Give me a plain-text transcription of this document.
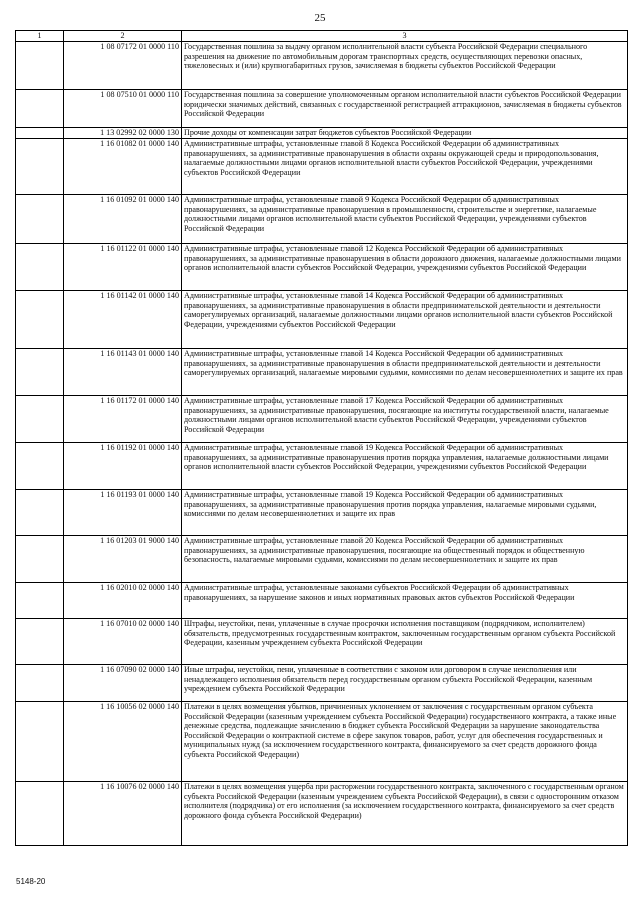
25
1	2	3
	1 08 07172 01 0000 110	Государственная пошлина за выдачу органом исполнительной власти субъекта Российской Федерации специального разрешения на движение по автомобильным дорогам транспортных средств, осуществляющих перевозки опасных, тяжеловесных и (или) крупногабаритных грузов, зачисляемая в бюджеты субъектов Российской Федерации
	1 08 07510 01 0000 110	Государственная пошлина за совершение уполномоченным органом исполнительной власти субъектов Российской Федерации юридически значимых действий, связанных с государственной регистрацией аттракционов, зачисляемая в бюджеты субъектов Российской Федерации
	1 13 02992 02 0000 130	Прочие доходы от компенсации затрат бюджетов субъектов Российской Федерации
	1 16 01082 01 0000 140	Административные штрафы, установленные главой 8 Кодекса Российской Федерации об административных правонарушениях, за административные правонарушения в области охраны окружающей среды и природопользования, налагаемые должностными лицами органов исполнительной власти субъектов Российской Федерации, учреждениями субъектов Российской Федерации
	1 16 01092 01 0000 140	Административные штрафы, установленные главой 9 Кодекса Российской Федерации об административных правонарушениях, за административные правонарушения в промышленности, строительстве и энергетике, налагаемые должностными лицами органов исполнительной власти субъектов Российской Федерации, учреждениями субъектов Российской Федерации
	1 16 01122 01 0000 140	Административные штрафы, установленные главой 12 Кодекса Российской Федерации об административных правонарушениях, за административные правонарушения в области дорожного движения, налагаемые должностными лицами органов исполнительной власти субъектов Российской Федерации, учреждениями субъектов Российской Федерации
	1 16 01142 01 0000 140	Административные штрафы, установленные главой 14 Кодекса Российской Федерации об административных правонарушениях, за административные правонарушения в области предпринимательской деятельности и деятельности саморегулируемых организаций, налагаемые должностными лицами органов исполнительной власти субъектов Российской Федерации, учреждениями субъектов Российской Федерации
	1 16 01143 01 0000 140	Административные штрафы, установленные главой 14 Кодекса Российской Федерации об административных правонарушениях, за административные правонарушения в области предпринимательской деятельности и деятельности саморегулируемых организаций, налагаемые мировыми судьями, комиссиями по делам несовершеннолетних и защите их прав
	1 16 01172 01 0000 140	Административные штрафы, установленные главой 17 Кодекса Российской Федерации об административных правонарушениях, за административные правонарушения, посягающие на институты государственной власти, налагаемые должностными лицами органов исполнительной власти субъектов Российской Федерации, учреждениями субъектов Российской Федерации
	1 16 01192 01 0000 140	Административные штрафы, установленные главой 19 Кодекса Российской Федерации об административных правонарушениях, за административные правонарушения против порядка управления, налагаемые должностными лицами органов исполнительной власти субъектов Российской Федерации, учреждениями субъектов Российской Федерации
	1 16 01193 01 0000 140	Административные штрафы, установленные главой 19 Кодекса Российской Федерации об административных правонарушениях, за административные правонарушения против порядка управления, налагаемые мировыми судьями, комиссиями по делам несовершеннолетних и защите их прав
	1 16 01203 01 9000 140	Административные штрафы, установленные главой 20 Кодекса Российской Федерации об административных правонарушениях, за административные правонарушения, посягающие на общественный порядок и общественную безопасность, налагаемые мировыми судьями, комиссиями по делам несовершеннолетних и защите их прав
	1 16 02010 02 0000 140	Административные штрафы, установленные законами субъектов Российской Федерации об административных правонарушениях, за нарушение законов и иных нормативных правовых актов субъектов Российской Федерации
	1 16 07010 02 0000 140	Штрафы, неустойки, пени, уплаченные в случае просрочки исполнения поставщиком (подрядчиком, исполнителем) обязательств, предусмотренных государственным контрактом, заключенным государственным органом субъекта Российской Федерации, казенным учреждением субъекта Российской Федерации
	1 16 07090 02 0000 140	Иные штрафы, неустойки, пени, уплаченные в соответствии с законом или договором в случае неисполнения или ненадлежащего исполнения обязательств перед государственным органом субъекта Российской Федерации, казенным учреждением субъекта Российской Федерации
	1 16 10056 02 0000 140	Платежи в целях возмещения убытков, причиненных уклонением от заключения с государственным органом субъекта Российской Федерации (казенным учреждением субъекта Российской Федерации) государственного контракта, а также иные денежные средства, подлежащие зачислению в бюджет субъекта Российской Федерации за нарушение законодательства Российской Федерации о контрактной системе в сфере закупок товаров, работ, услуг для обеспечения государственных и муниципальных нужд (за исключением государственного контракта, финансируемого за счет средств дорожного фонда субъекта Российской Федерации)
	1 16 10076 02 0000 140	Платежи в целях возмещения ущерба при расторжении государственного контракта, заключенного с государственным органом субъекта Российской Федерации (казенным учреждением субъекта Российской Федерации), в связи с односторонним отказом исполнителя (подрядчика) от его исполнения (за исключением государственного контракта, финансируемого за счет средств дорожного фонда субъекта Российской Федерации)
5148-20
